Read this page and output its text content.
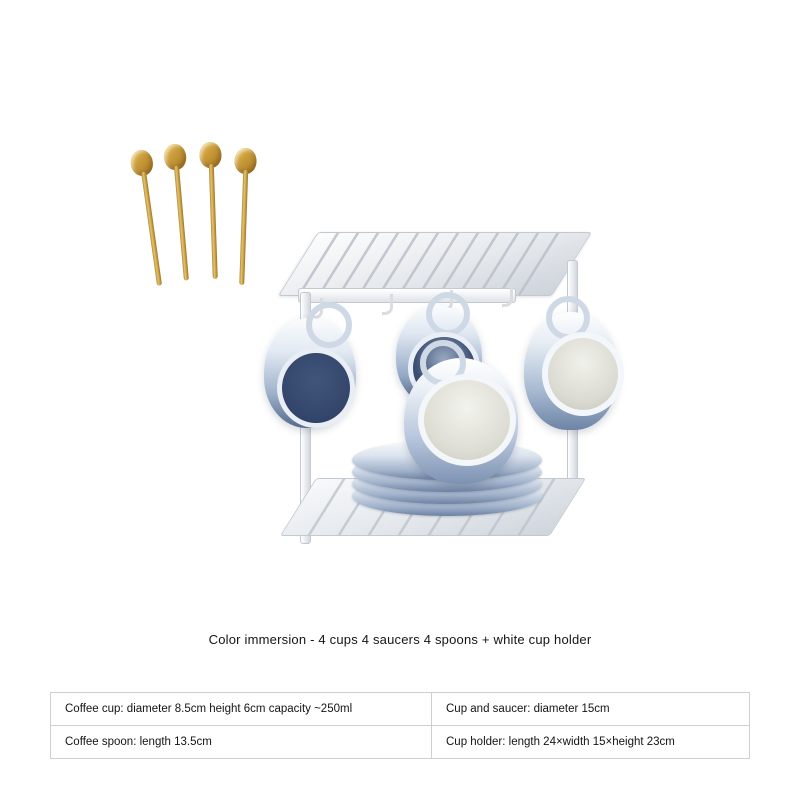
Color immersion - 4 cups 4 saucers 4 spoons + white cup holder
Coffee cup: diameter 8.5cm height 6cm capacity ~250ml	Cup and saucer: diameter 15cm
Coffee spoon: length 13.5cm	Cup holder: length 24×width 15×height 23cm
